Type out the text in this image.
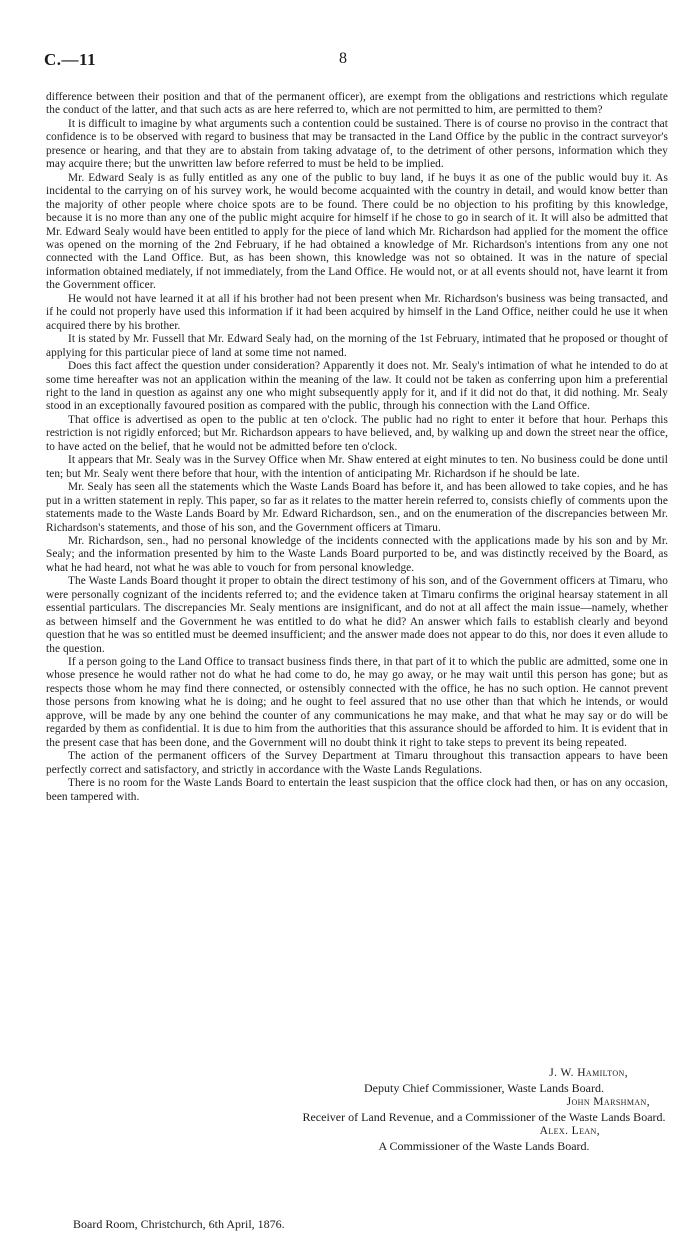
C.—11	8

difference between their position and that of the permanent officer), are exempt from the obligations and restrictions which regulate the conduct of the latter, and that such acts as are here referred to, which are not permitted to him, are permitted to them?

It is difficult to imagine by what arguments such a contention could be sustained. There is of course no proviso in the contract that confidence is to be observed with regard to business that may be transacted in the Land Office by the public in the contract surveyor's presence or hearing, and that they are to abstain from taking advatage of, to the detriment of other persons, information which they may acquire there; but the unwritten law before referred to must be held to be implied.

Mr. Edward Sealy is as fully entitled as any one of the public to buy land, if he buys it as one of the public would buy it. As incidental to the carrying on of his survey work, he would become acquainted with the country in detail, and would know better than the majority of other people where choice spots are to be found. There could be no objection to his profiting by this knowledge, because it is no more than any one of the public might acquire for himself if he chose to go in search of it. It will also be admitted that Mr. Edward Sealy would have been entitled to apply for the piece of land which Mr. Richardson had applied for the moment the office was opened on the morning of the 2nd February, if he had obtained a knowledge of Mr. Richardson's intentions from any one not connected with the Land Office. But, as has been shown, this knowledge was not so obtained. It was in the nature of special information obtained mediately, if not immediately, from the Land Office. He would not, or at all events should not, have learnt it from the Government officer.

He would not have learned it at all if his brother had not been present when Mr. Richardson's business was being transacted, and if he could not properly have used this information if it had been acquired by himself in the Land Office, neither could he use it when acquired there by his brother.

It is stated by Mr. Fussell that Mr. Edward Sealy had, on the morning of the 1st February, intimated that he proposed or thought of applying for this particular piece of land at some time not named.

Does this fact affect the question under consideration? Apparently it does not. Mr. Sealy's intimation of what he intended to do at some time hereafter was not an application within the meaning of the law. It could not be taken as conferring upon him a preferential right to the land in question as against any one who might subsequently apply for it, and if it did not do that, it did nothing. Mr. Sealy stood in an exceptionally favoured position as compared with the public, through his connection with the Land Office.

That office is advertised as open to the public at ten o'clock. The public had no right to enter it before that hour. Perhaps this restriction is not rigidly enforced; but Mr. Richardson appears to have believed, and, by walking up and down the street near the office, to have acted on the belief, that he would not be admitted before ten o'clock.

It appears that Mr. Sealy was in the Survey Office when Mr. Shaw entered at eight minutes to ten. No business could be done until ten; but Mr. Sealy went there before that hour, with the intention of anticipating Mr. Richardson if he should be late.

Mr. Sealy has seen all the statements which the Waste Lands Board has before it, and has been allowed to take copies, and he has put in a written statement in reply. This paper, so far as it relates to the matter herein referred to, consists chiefly of comments upon the statements made to the Waste Lands Board by Mr. Edward Richardson, sen., and on the enumeration of the discrepancies between Mr. Richardson's statements, and those of his son, and the Government officers at Timaru.

Mr. Richardson, sen., had no personal knowledge of the incidents connected with the applications made by his son and by Mr. Sealy; and the information presented by him to the Waste Lands Board purported to be, and was distinctly received by the Board, as what he had heard, not what he was able to vouch for from personal knowledge.

The Waste Lands Board thought it proper to obtain the direct testimony of his son, and of the Government officers at Timaru, who were personally cognizant of the incidents referred to; and the evidence taken at Timaru confirms the original hearsay statement in all essential particulars. The discrepancies Mr. Sealy mentions are insignificant, and do not at all affect the main issue—namely, whether as between himself and the Government he was entitled to do what he did? An answer which fails to establish clearly and beyond question that he was so entitled must be deemed insufficient; and the answer made does not appear to do this, nor does it even allude to the question.

If a person going to the Land Office to transact business finds there, in that part of it to which the public are admitted, some one in whose presence he would rather not do what he had come to do, he may go away, or he may wait until this person has gone; but as respects those whom he may find there connected, or ostensibly connected with the office, he has no such option. He cannot prevent those persons from knowing what he is doing; and he ought to feel assured that no use other than that which he intends, or would approve, will be made by any one behind the counter of any communications he may make, and that what he may say or do will be regarded by them as confidential. It is due to him from the authorities that this assurance should be afforded to him. It is evident that in the present case that has been done, and the Government will no doubt think it right to take steps to prevent its being repeated.

The action of the permanent officers of the Survey Department at Timaru throughout this transaction appears to have been perfectly correct and satisfactory, and strictly in accordance with the Waste Lands Regulations.

There is no room for the Waste Lands Board to entertain the least suspicion that the office clock had then, or has on any occasion, been tampered with.

J. W. Hamilton,
Deputy Chief Commissioner, Waste Lands Board.
John Marshman,
Receiver of Land Revenue, and a Commissioner of the Waste Lands Board.
Alex. Lean,
A Commissioner of the Waste Lands Board.
Board Room, Christchurch, 6th April, 1876.
